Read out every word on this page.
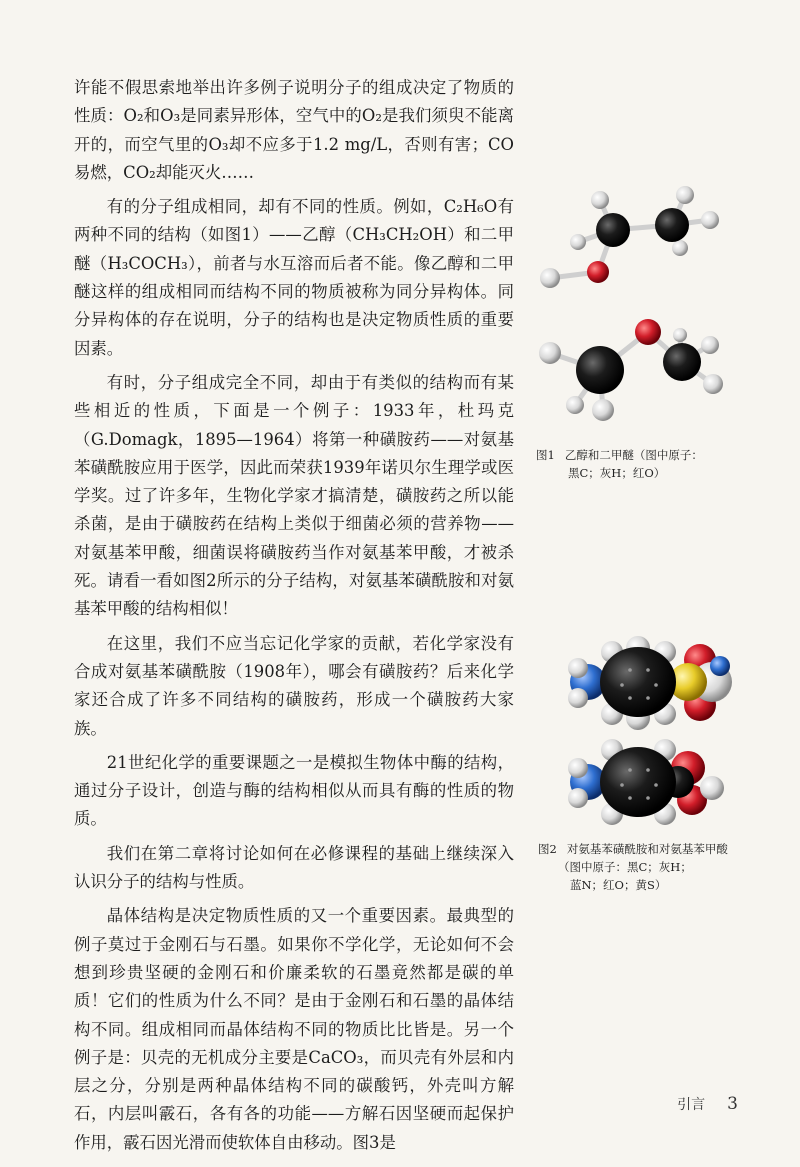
许能不假思索地举出许多例子说明分子的组成决定了物质的性质：O₂和O₃是同素异形体，空气中的O₂是我们须臾不能离开的，而空气里的O₃却不应多于1.2 mg/L，否则有害；CO易燃，CO₂却能灭火……

有的分子组成相同，却有不同的性质。例如，C₂H₆O有两种不同的结构（如图1）——乙醇（CH₃CH₂OH）和二甲醚（H₃COCH₃），前者与水互溶而后者不能。像乙醇和二甲醚这样的组成相同而结构不同的物质被称为同分异构体。同分异构体的存在说明，分子的结构也是决定物质性质的重要因素。

有时，分子组成完全不同，却由于有类似的结构而有某些相近的性质，下面是一个例子：1933年，杜玛克（G.Domagk，1895—1964）将第一种磺胺药——对氨基苯磺酰胺应用于医学，因此而荣获1939年诺贝尔生理学或医学奖。过了许多年，生物化学家才搞清楚，磺胺药之所以能杀菌，是由于磺胺药在结构上类似于细菌必须的营养物——对氨基苯甲酸，细菌误将磺胺药当作对氨基苯甲酸，才被杀死。请看一看如图2所示的分子结构，对氨基苯磺酰胺和对氨基苯甲酸的结构相似！

在这里，我们不应当忘记化学家的贡献，若化学家没有合成对氨基苯磺酰胺（1908年），哪会有磺胺药？后来化学家还合成了许多不同结构的磺胺药，形成一个磺胺药大家族。

21世纪化学的重要课题之一是模拟生物体中酶的结构，通过分子设计，创造与酶的结构相似从而具有酶的性质的物质。

我们在第二章将讨论如何在必修课程的基础上继续深入认识分子的结构与性质。

晶体结构是决定物质性质的又一个重要因素。最典型的例子莫过于金刚石与石墨。如果你不学化学，无论如何不会想到珍贵坚硬的金刚石和价廉柔软的石墨竟然都是碳的单质！它们的性质为什么不同？是由于金刚石和石墨的晶体结构不同。组成相同而晶体结构不同的物质比比皆是。另一个例子是：贝壳的无机成分主要是CaCO₃，而贝壳有外层和内层之分，分别是两种晶体结构不同的碳酸钙，外壳叫方解石，内层叫霰石，各有各的功能——方解石因坚硬而起保护作用，霰石因光滑而使软体自由移动。图3是

图1 乙醇和二甲醚（图中原子：
黑C；灰H；红O）
图2 对氨基苯磺酰胺和对氨基苯甲酸
（图中原子：黑C；灰H；
蓝N；红O；黄S）
引言 3
